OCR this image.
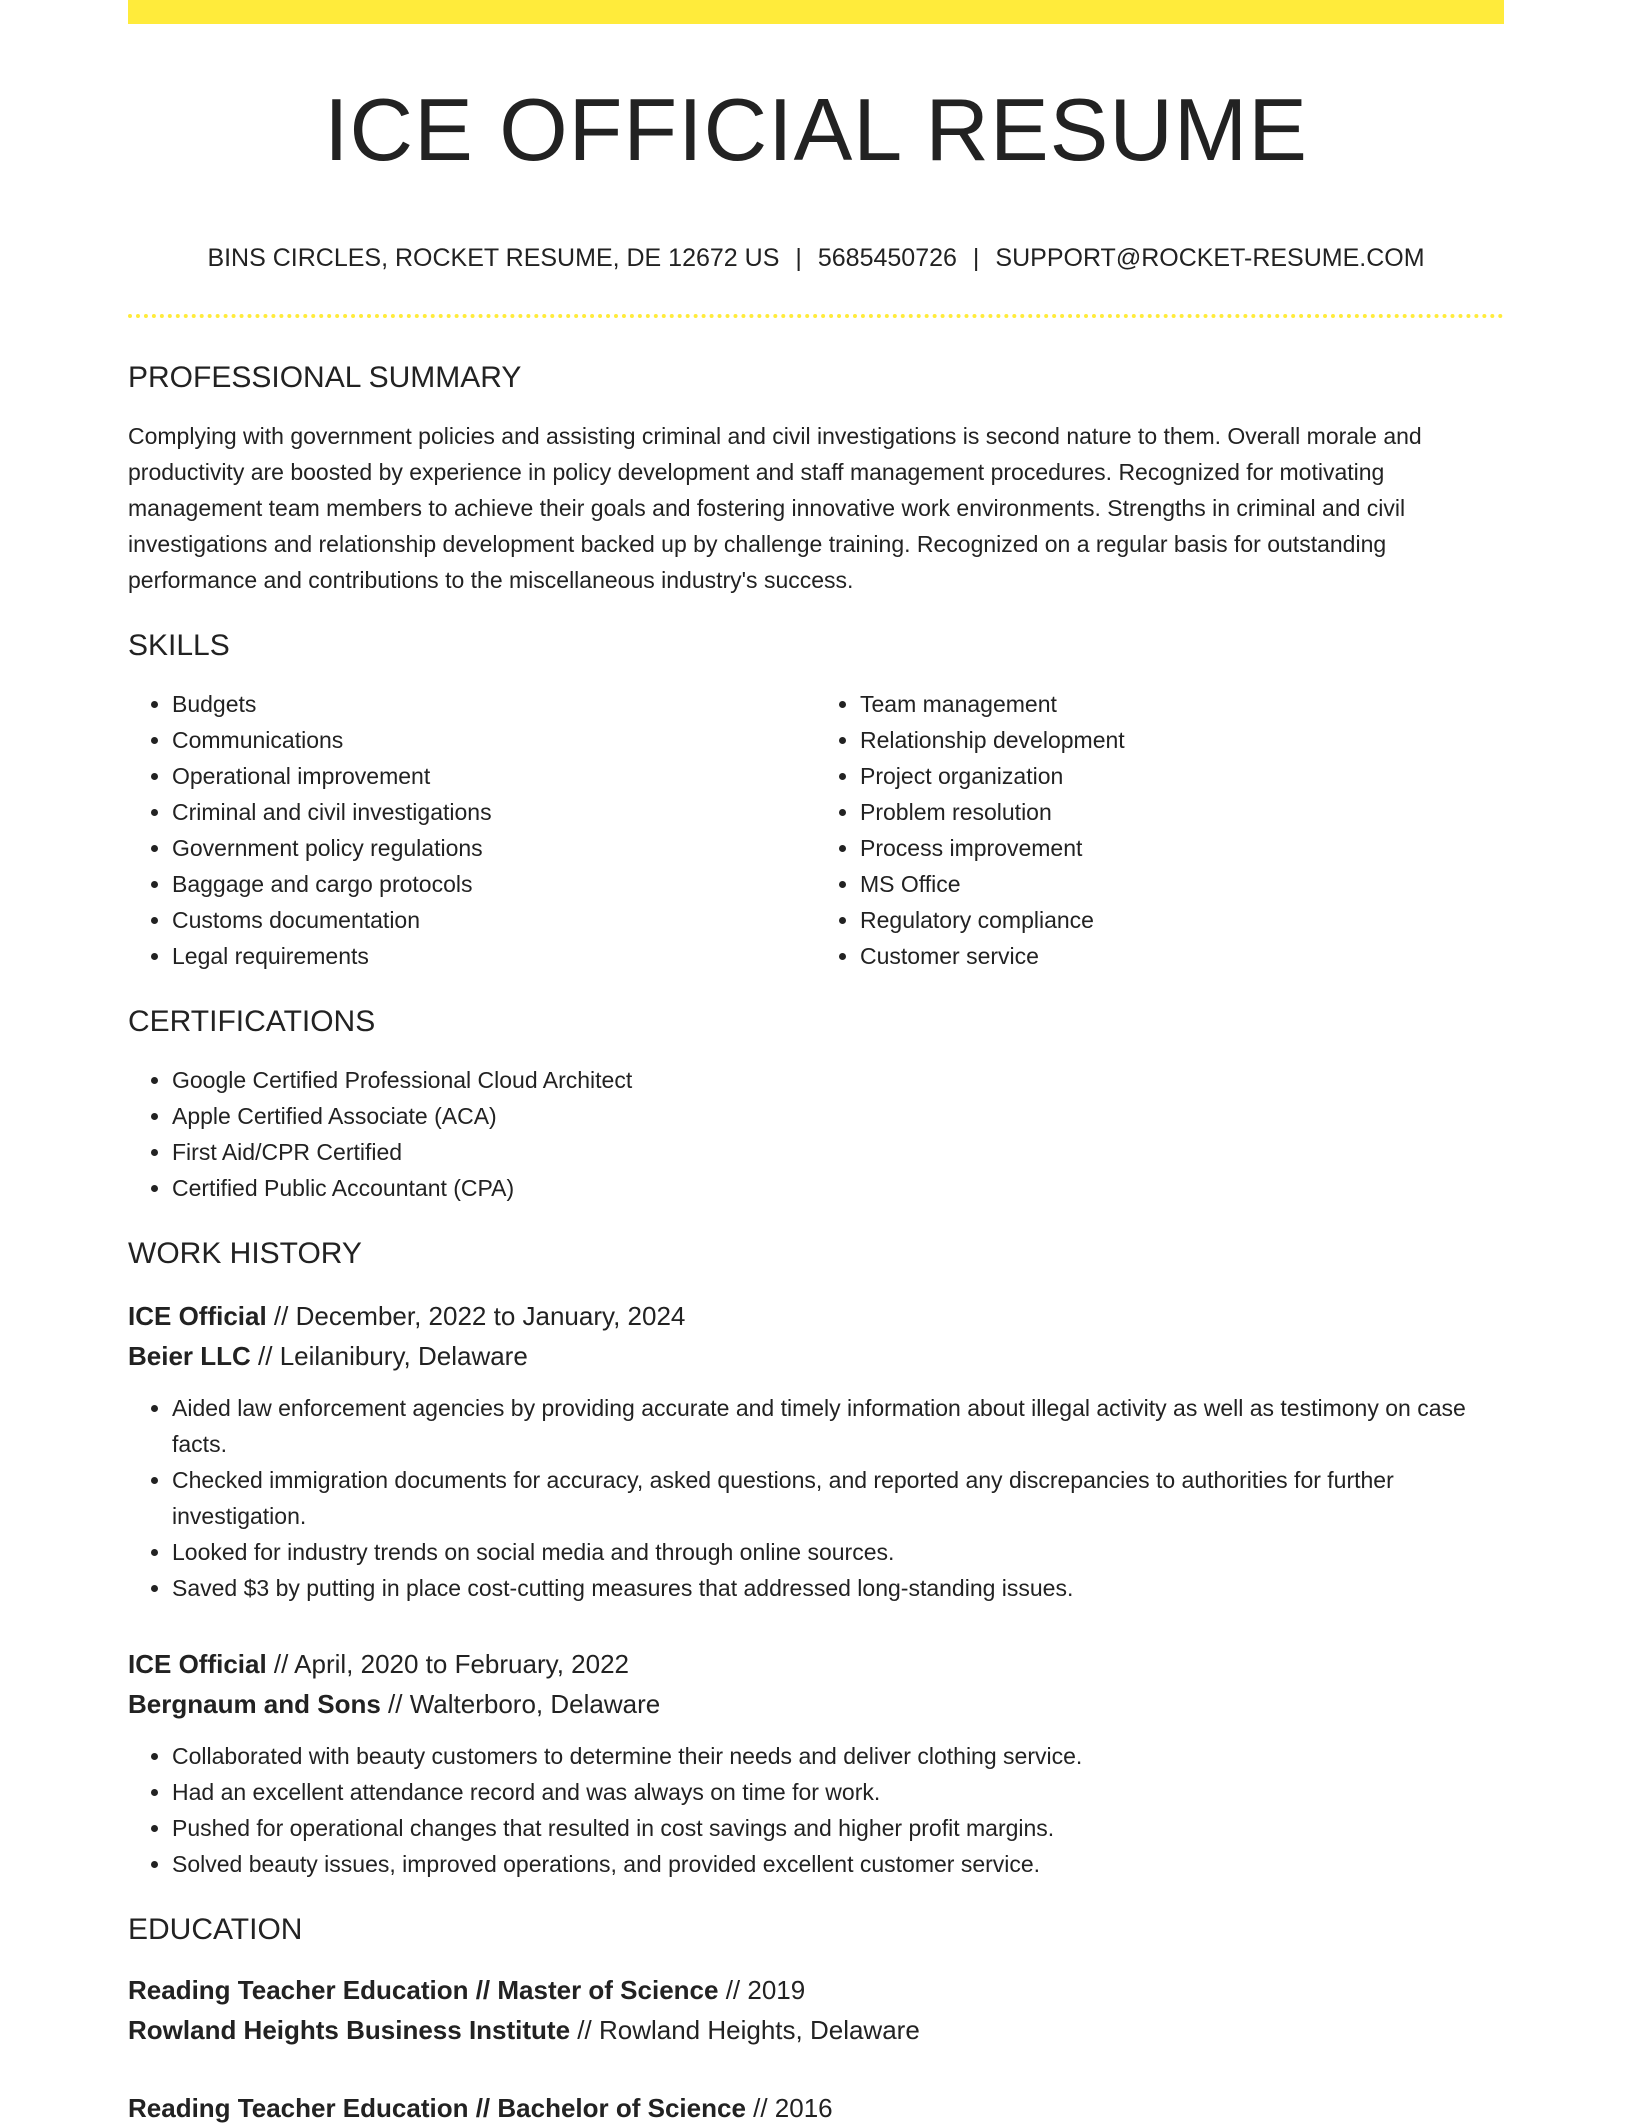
ICE OFFICIAL RESUME
BINS CIRCLES, ROCKET RESUME, DE 12672 US | 5685450726 | SUPPORT@ROCKET-RESUME.COM
PROFESSIONAL SUMMARY

Complying with government policies and assisting criminal and civil investigations is second nature to them. Overall morale and productivity are boosted by experience in policy development and staff management procedures. Recognized for motivating management team members to achieve their goals and fostering innovative work environments. Strengths in criminal and civil investigations and relationship development backed up by challenge training. Recognized on a regular basis for outstanding performance and contributions to the miscellaneous industry's success.

SKILLS
• Budgets
• Communications
• Operational improvement
• Criminal and civil investigations
• Government policy regulations
• Baggage and cargo protocols
• Customs documentation
• Legal requirements
• Team management
• Relationship development
• Project organization
• Problem resolution
• Process improvement
• MS Office
• Regulatory compliance
• Customer service
CERTIFICATIONS
• Google Certified Professional Cloud Architect
• Apple Certified Associate (ACA)
• First Aid/CPR Certified
• Certified Public Accountant (CPA)
WORK HISTORY
ICE Official // December, 2022 to January, 2024
Beier LLC // Leilanibury, Delaware
• Aided law enforcement agencies by providing accurate and timely information about illegal activity as well as testimony on case facts.
• Checked immigration documents for accuracy, asked questions, and reported any discrepancies to authorities for further investigation.
• Looked for industry trends on social media and through online sources.
• Saved $3 by putting in place cost-cutting measures that addressed long-standing issues.
ICE Official // April, 2020 to February, 2022
Bergnaum and Sons // Walterboro, Delaware
• Collaborated with beauty customers to determine their needs and deliver clothing service.
• Had an excellent attendance record and was always on time for work.
• Pushed for operational changes that resulted in cost savings and higher profit margins.
• Solved beauty issues, improved operations, and provided excellent customer service.
EDUCATION
Reading Teacher Education // Master of Science // 2019
Rowland Heights Business Institute // Rowland Heights, Delaware
Reading Teacher Education // Bachelor of Science // 2016
